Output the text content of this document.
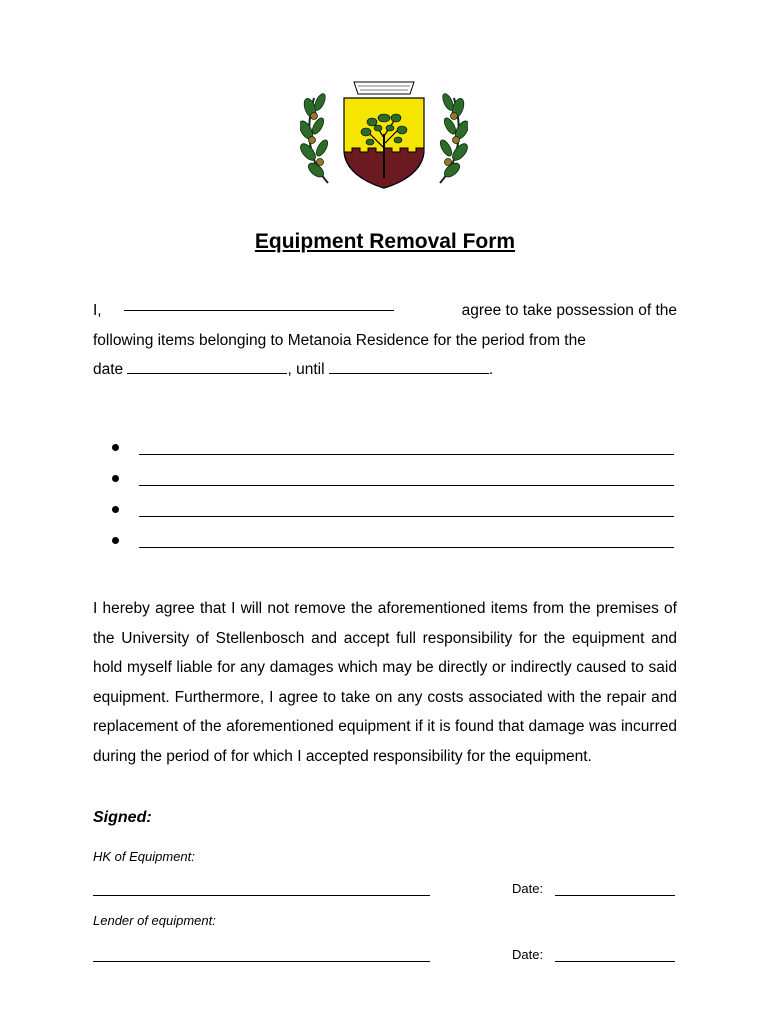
Equipment Removal Form
I,	agree to take possession of the
following items belonging to Metanoia Residence for the period from the
date	, until	.
I hereby agree that I will not remove the aforementioned items from the premises of the University of Stellenbosch and accept full responsibility for the equipment and hold myself liable for any damages which may be directly or indirectly caused to said equipment. Furthermore, I agree to take on any costs associated with the repair and replacement of the aforementioned equipment if it is found that damage was incurred during the period of for which I accepted responsibility for the equipment.
Signed:
HK of Equipment:
Date:
Lender of equipment:
Date:
